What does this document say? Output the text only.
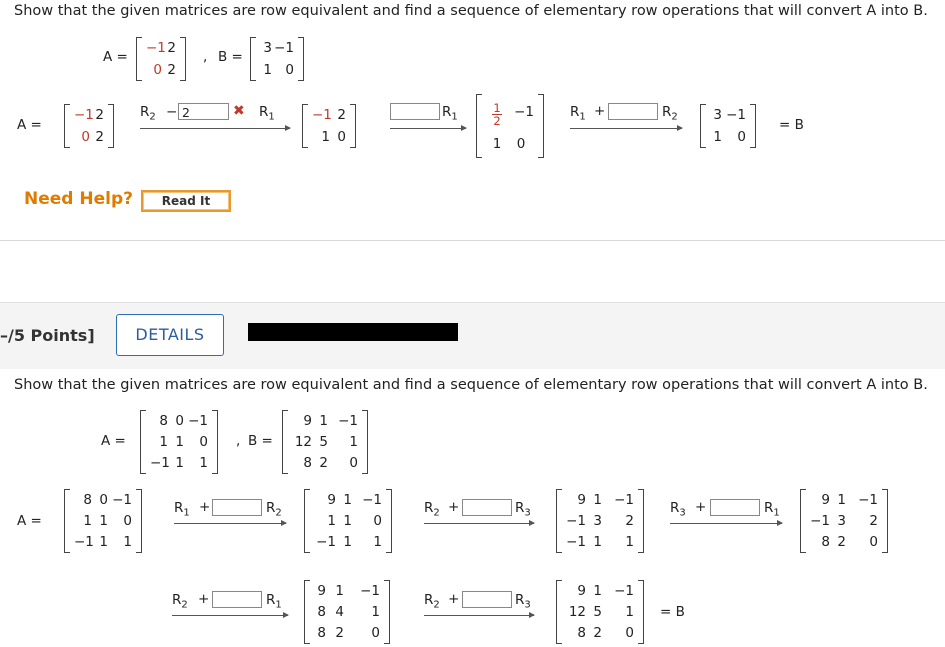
Show that the given matrices are row equivalent and find a sequence of elementary row operations that will convert A into B.
A =
−1 2
0 2
, B =
3 −1
1 0
A =
−1 2
0 2
$R_2 - 2$	✖ $R_1$	−1 2
1 0
$R_1$	$\frac{1}{2} -1$
1	0
$R_1$ +	$R_2$	3 −1
1	0
= B
Need Help?	Read It
–/5 Points]	DETAILS
Show that the given matrices are row equivalent and find a sequence of elementary row operations that will convert A into B.
A =
8 0 −1
1 1	0
−1 1	1
, B =
9 1 −1
12 5	1
8 2	0
A =
8 0 −1
1 1	0
−1 1	1
$R_1$ +	$R_2$
9 1 −1
1 1	0
−1 1	1
$R_2$ +	$R_3$
9 1 −1
−1 3	2
−1 1	1
$R_3$ +	$R_1$
9 1 −1
−1 3	2
8 2	0
$R_2$ +	$R_1$
9 1	−1
8 4	1
8 2	0
$R_2$ +	$R_3$
9 1 −1
12 5	1
8 2	0
= B
